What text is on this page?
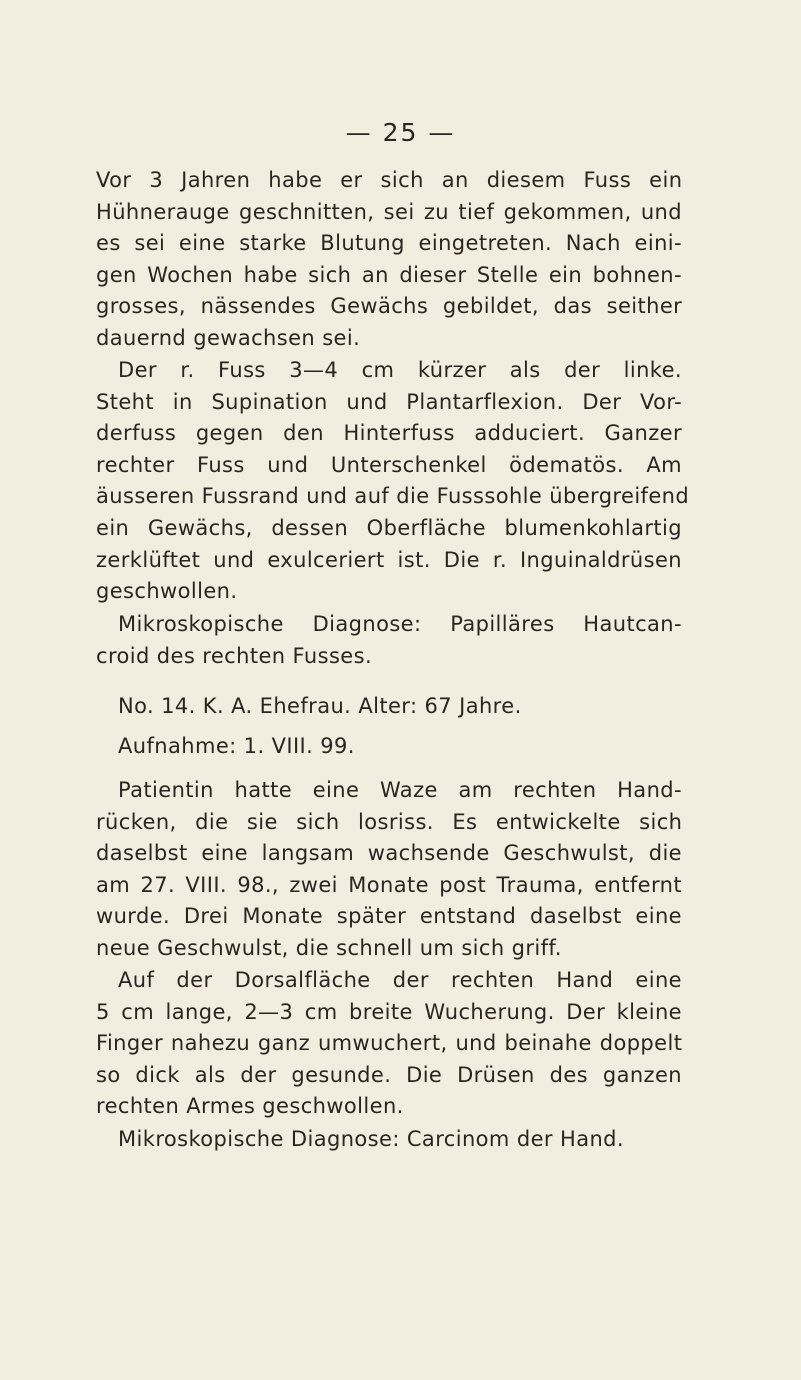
— 25 —
Vor 3 Jahren habe er sich an diesem Fuss ein
Hühnerauge geschnitten, sei zu tief gekommen, und
es sei eine starke Blutung eingetreten. Nach eini-
gen Wochen habe sich an dieser Stelle ein bohnen-
grosses, nässendes Gewächs gebildet, das seither
dauernd gewachsen sei.
Der r. Fuss 3—4 cm kürzer als der linke.
Steht in Supination und Plantarflexion. Der Vor-
derfuss gegen den Hinterfuss adduciert. Ganzer
rechter Fuss und Unterschenkel ödematös. Am
äusseren Fussrand und auf die Fusssohle übergreifend
ein Gewächs, dessen Oberfläche blumenkohlartig
zerklüftet und exulceriert ist. Die r. Inguinaldrüsen
geschwollen.
Mikroskopische Diagnose: Papilläres Hautcan-
croid des rechten Fusses.
No. 14. K. A. Ehefrau. Alter: 67 Jahre.
Aufnahme: 1. VIII. 99.
Patientin hatte eine Waze am rechten Hand-
rücken, die sie sich losriss. Es entwickelte sich
daselbst eine langsam wachsende Geschwulst, die
am 27. VIII. 98., zwei Monate post Trauma, entfernt
wurde. Drei Monate später entstand daselbst eine
neue Geschwulst, die schnell um sich griff.
Auf der Dorsalfläche der rechten Hand eine
5 cm lange, 2—3 cm breite Wucherung. Der kleine
Finger nahezu ganz umwuchert, und beinahe doppelt
so dick als der gesunde. Die Drüsen des ganzen
rechten Armes geschwollen.
Mikroskopische Diagnose: Carcinom der Hand.
